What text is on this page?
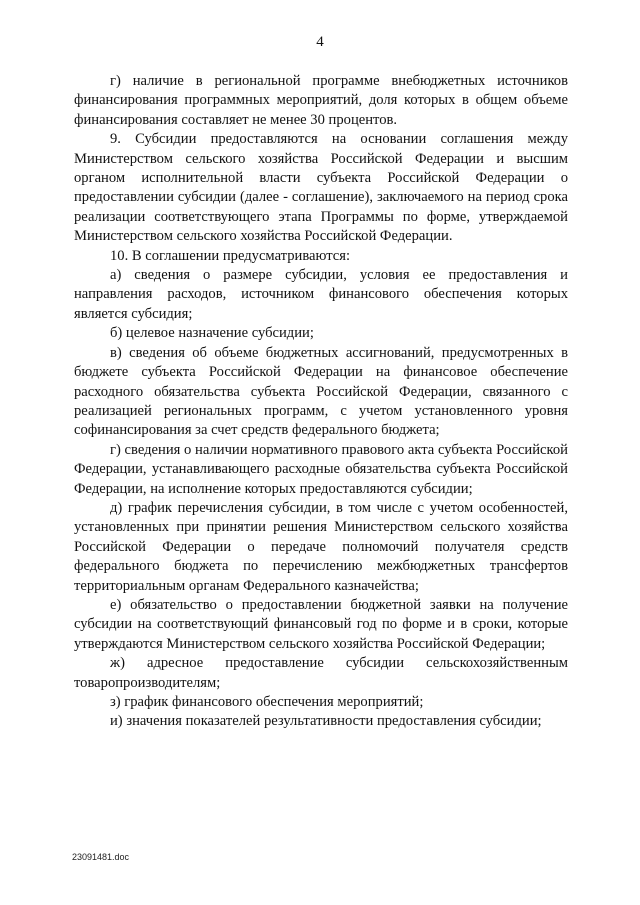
4

г) наличие в региональной программе внебюджетных источников финансирования программных мероприятий, доля которых в общем объеме финансирования составляет не менее 30 процентов.

9. Субсидии предоставляются на основании соглашения между Министерством сельского хозяйства Российской Федерации и высшим органом исполнительной власти субъекта Российской Федерации о предоставлении субсидии (далее - соглашение), заключаемого на период срока реализации соответствующего этапа Программы по форме, утверждаемой Министерством сельского хозяйства Российской Федерации.

10. В соглашении предусматриваются:

а) сведения о размере субсидии, условия ее предоставления и направления расходов, источником финансового обеспечения которых является субсидия;

б) целевое назначение субсидии;

в) сведения об объеме бюджетных ассигнований, предусмотренных в бюджете субъекта Российской Федерации на финансовое обеспечение расходного обязательства субъекта Российской Федерации, связанного с реализацией региональных программ, с учетом установленного уровня софинансирования за счет средств федерального бюджета;

г) сведения о наличии нормативного правового акта субъекта Российской Федерации, устанавливающего расходные обязательства субъекта Российской Федерации, на исполнение которых предоставляются субсидии;

д) график перечисления субсидии, в том числе с учетом особенностей, установленных при принятии решения Министерством сельского хозяйства Российской Федерации о передаче полномочий получателя средств федерального бюджета по перечислению межбюджетных трансфертов территориальным органам Федерального казначейства;

е) обязательство о предоставлении бюджетной заявки на получение субсидии на соответствующий финансовый год по форме и в сроки, которые утверждаются Министерством сельского хозяйства Российской Федерации;

ж) адресное предоставление субсидии сельскохозяйственным товаропроизводителям;

з) график финансового обеспечения мероприятий;

и) значения показателей результативности предоставления субсидии;

23091481.doc
